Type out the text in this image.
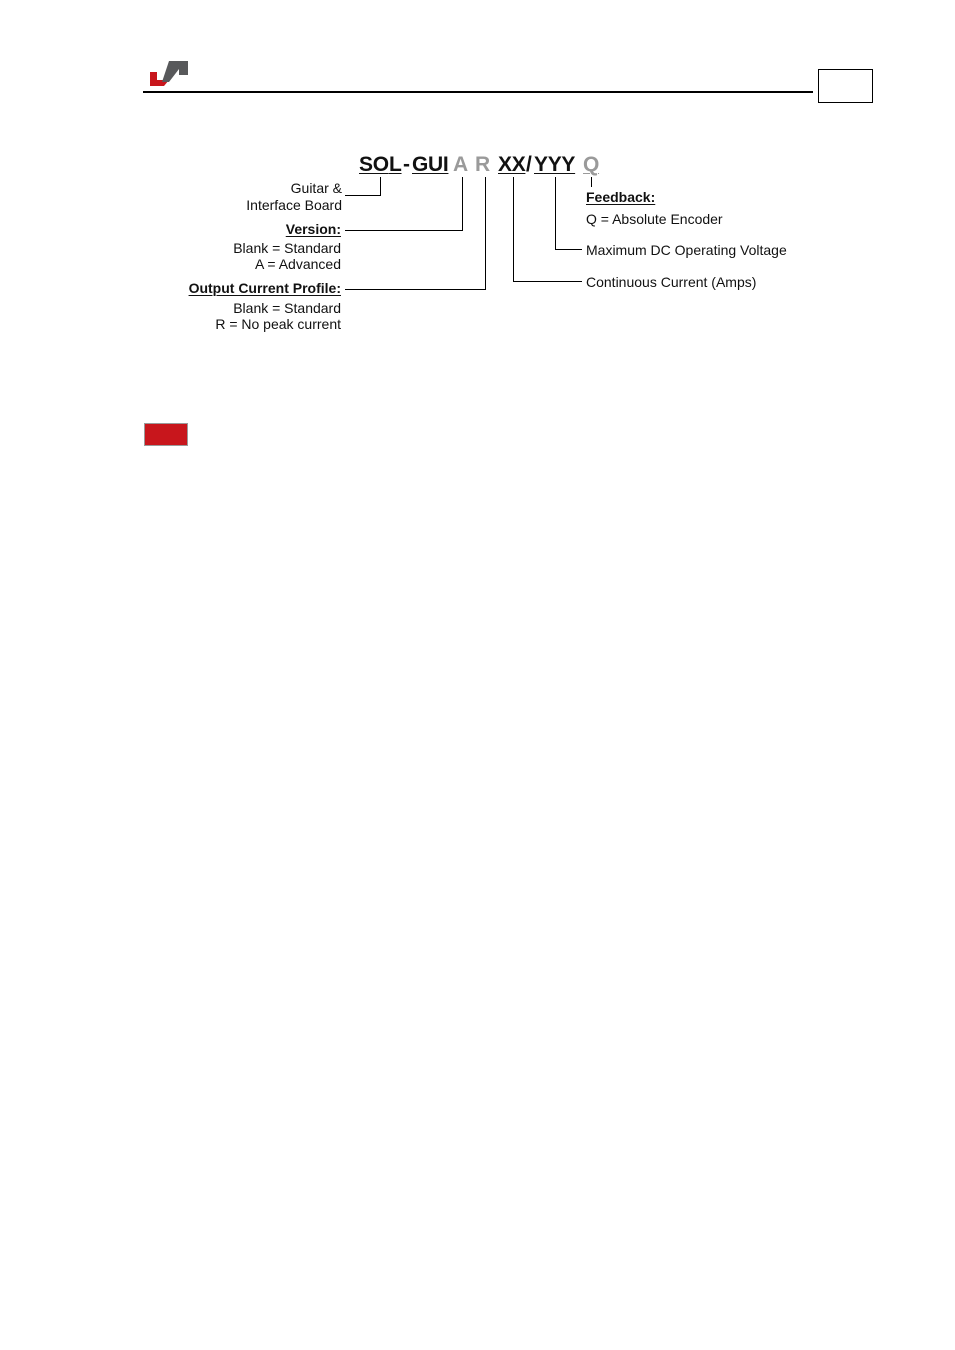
SO L - GUI A R XX / YYY Q
Guitar &
Interface Board
Version:
Blank = Standard
A = Advanced
Output Current Profile:
Blank = Standard
R = No peak current
Feedback:
Q = Absolute Encoder
Maximum DC Operating Voltage
Continuous Current (Amps)
